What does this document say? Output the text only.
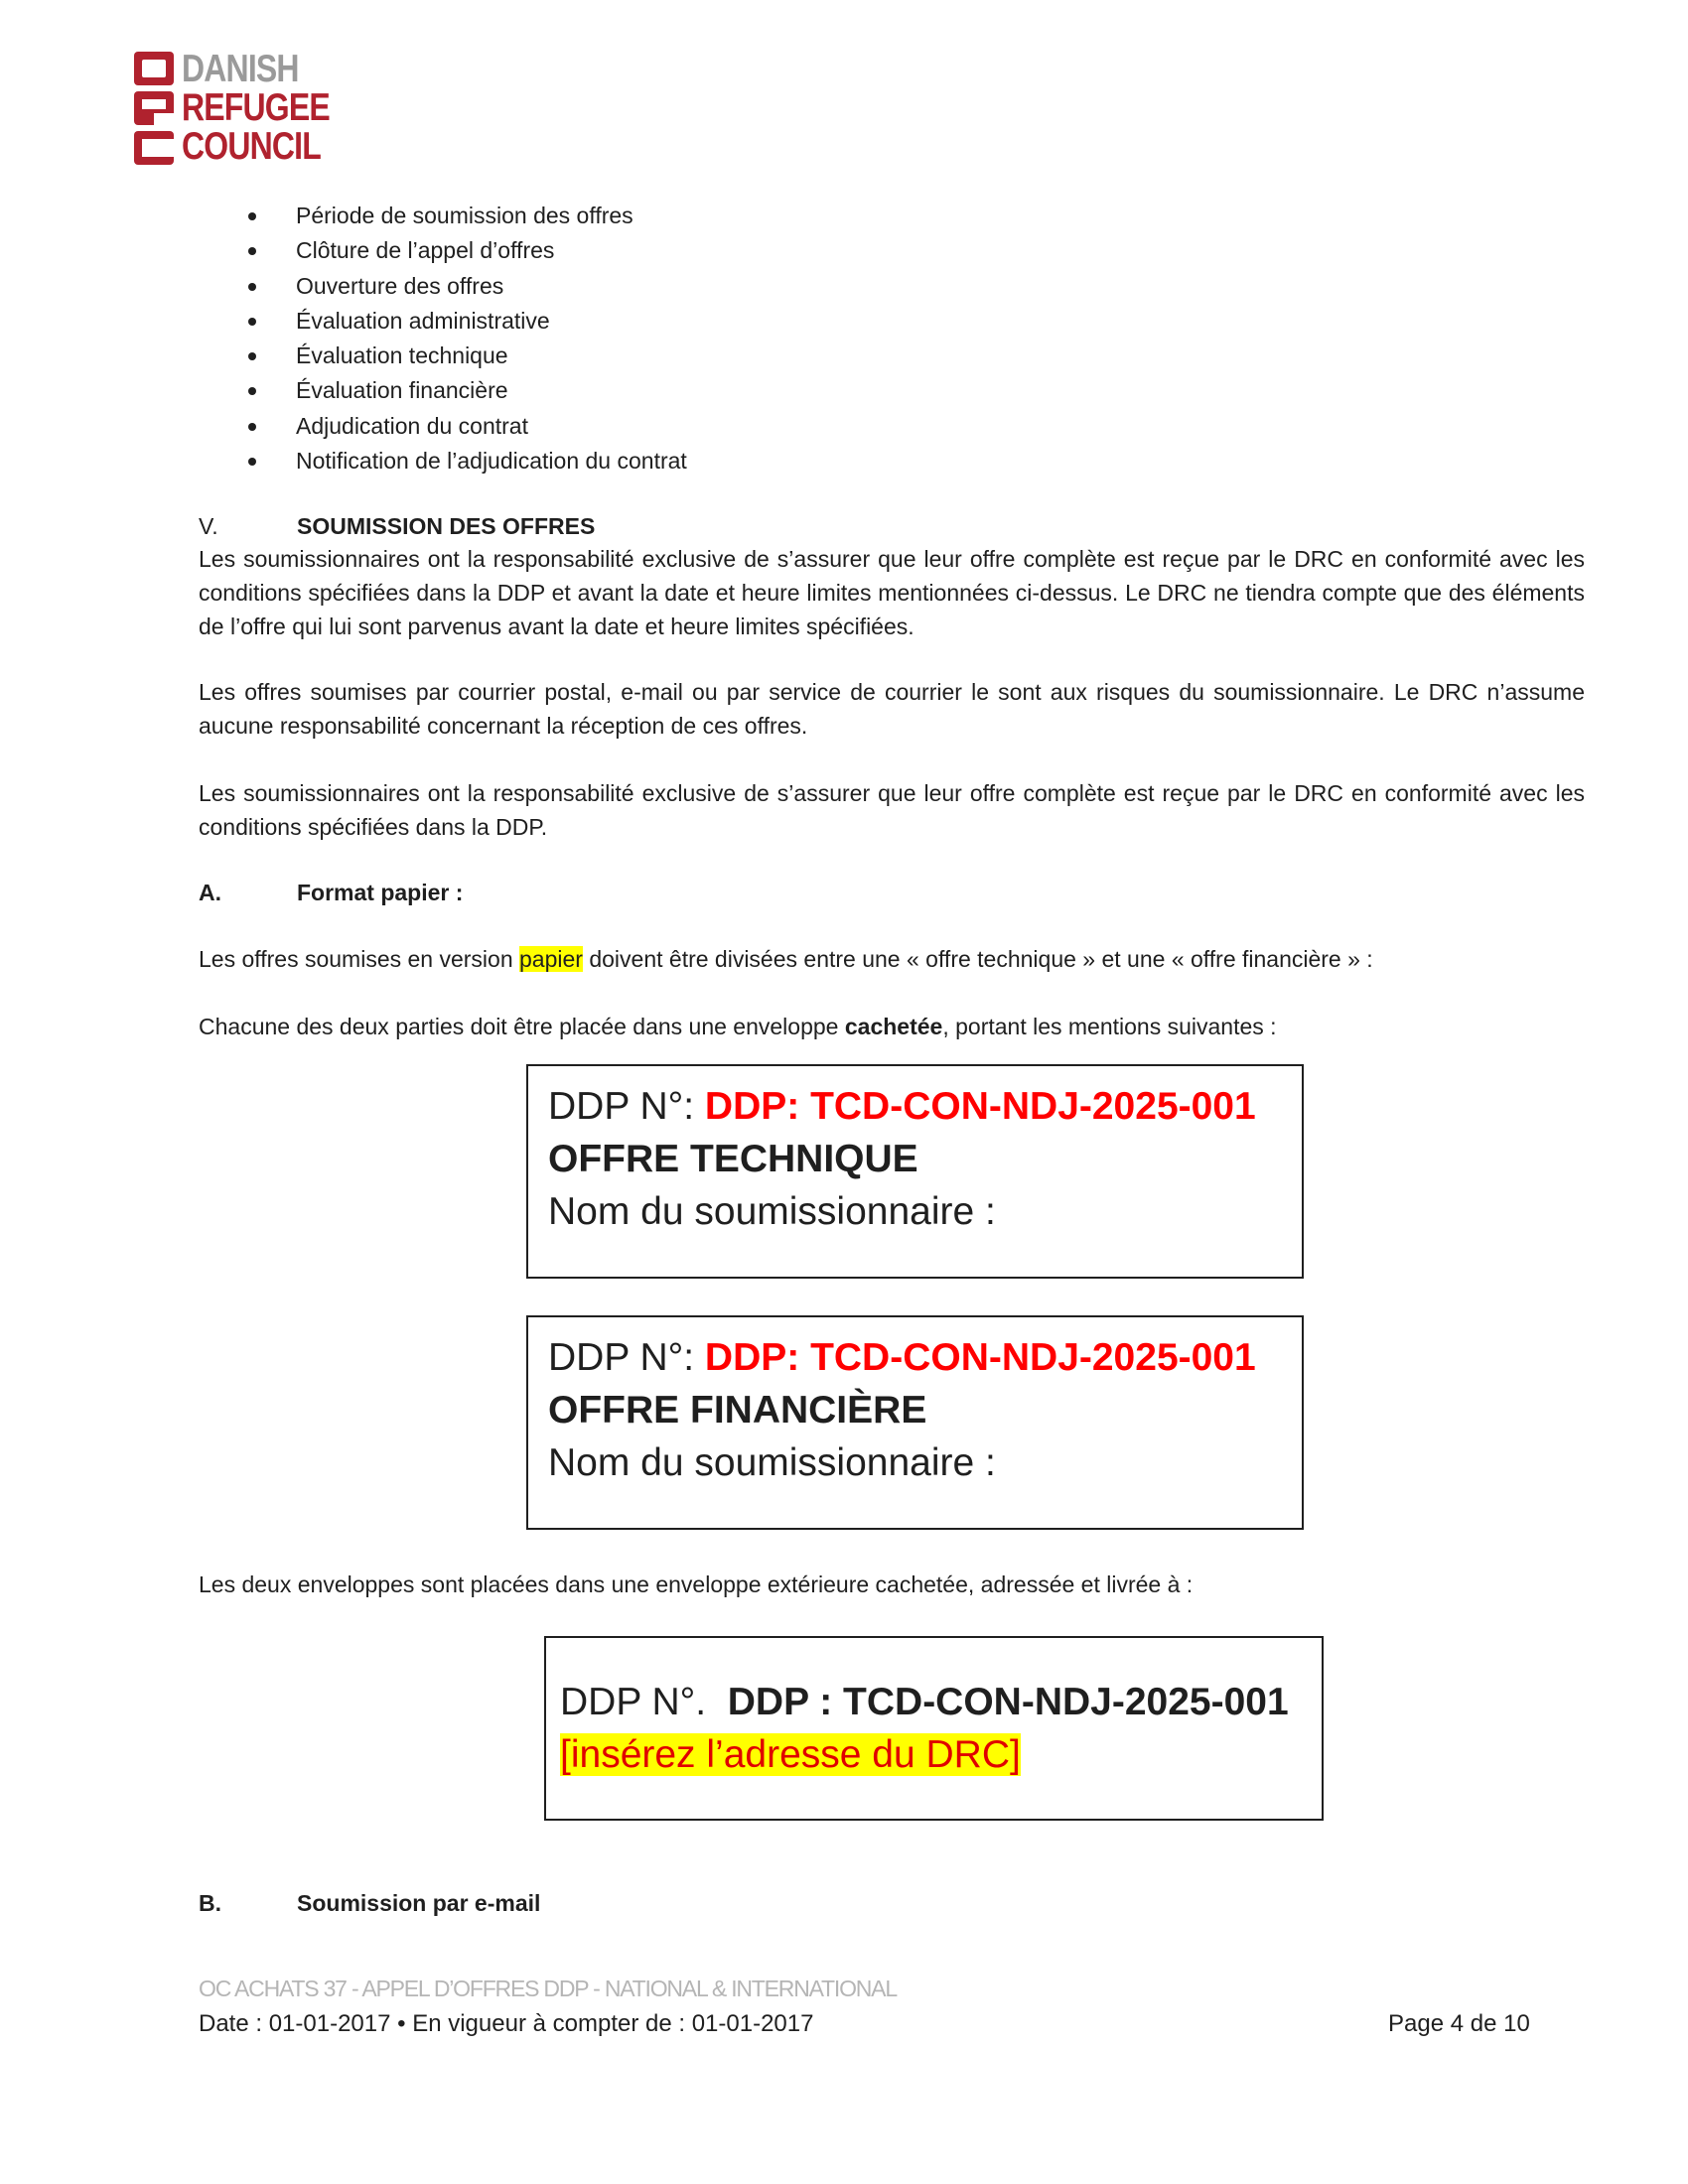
DRC DANISH
REFUGEE
COUNCIL
Période de soumission des offres
Clôture de l’appel d’offres
Ouverture des offres
Évaluation administrative
Évaluation technique
Évaluation financière
Adjudication du contrat
Notification de l’adjudication du contrat
V.	SOUMISSION DES OFFRES
Les soumissionnaires ont la responsabilité exclusive de s’assurer que leur offre complète est reçue par le DRC en conformité avec les conditions spécifiées dans la DDP et avant la date et heure limites mentionnées ci-dessus. Le DRC ne tiendra compte que des éléments de l’offre qui lui sont parvenus avant la date et heure limites spécifiées.
Les offres soumises par courrier postal, e-mail ou par service de courrier le sont aux risques du soumissionnaire. Le DRC n’assume aucune responsabilité concernant la réception de ces offres.
Les soumissionnaires ont la responsabilité exclusive de s’assurer que leur offre complète est reçue par le DRC en conformité avec les conditions spécifiées dans la DDP.
A.	Format papier :
Les offres soumises en version papier doivent être divisées entre une « offre technique » et une « offre financière » :
Chacune des deux parties doit être placée dans une enveloppe cachetée, portant les mentions suivantes :
DDP N°: DDP: TCD-CON-NDJ-2025-001
OFFRE TECHNIQUE
Nom du soumissionnaire :
DDP N°: DDP: TCD-CON-NDJ-2025-001
OFFRE FINANCIÈRE
Nom du soumissionnaire :
Les deux enveloppes sont placées dans une enveloppe extérieure cachetée, adressée et livrée à :
DDP N°.  DDP : TCD-CON-NDJ-2025-001
[insérez l’adresse du DRC]
B.	Soumission par e-mail
OC ACHATS 37 - APPEL D’OFFRES DDP - NATIONAL & INTERNATIONAL
Date : 01-01-2017 • En vigueur à compter de : 01-01-2017	Page 4 de 10
